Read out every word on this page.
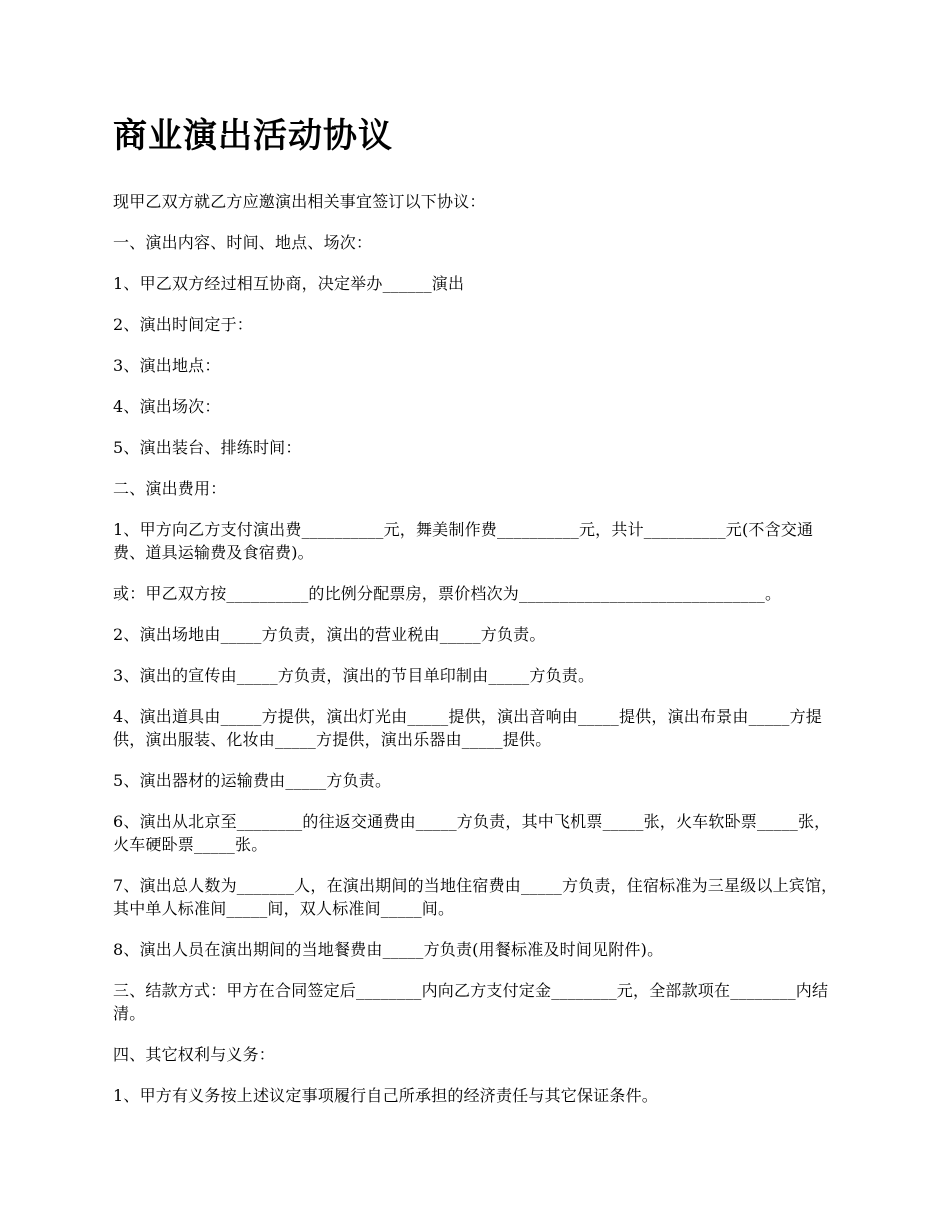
商业演出活动协议

现甲乙双方就乙方应邀演出相关事宜签订以下协议：

一、演出内容、时间、地点、场次：

1、甲乙双方经过相互协商，决定举办______演出

2、演出时间定于：

3、演出地点：

4、演出场次：

5、演出装台、排练时间：

二、演出费用：

1、甲方向乙方支付演出费__________元，舞美制作费__________元，共计__________元(不含交通费、道具运输费及食宿费)。

或：甲乙双方按__________的比例分配票房，票价档次为______________________________。

2、演出场地由_____方负责，演出的营业税由_____方负责。

3、演出的宣传由_____方负责，演出的节目单印制由_____方负责。

4、演出道具由_____方提供，演出灯光由_____提供，演出音响由_____提供，演出布景由_____方提供，演出服装、化妆由_____方提供，演出乐器由_____提供。

5、演出器材的运输费由_____方负责。

6、演出从北京至________的往返交通费由_____方负责，其中飞机票_____张，火车软卧票_____张，火车硬卧票_____张。

7、演出总人数为_______人，在演出期间的当地住宿费由_____方负责，住宿标准为三星级以上宾馆，其中单人标准间_____间，双人标准间_____间。

8、演出人员在演出期间的当地餐费由_____方负责(用餐标准及时间见附件)。

三、结款方式：甲方在合同签定后________内向乙方支付定金________元，全部款项在________内结清。

四、其它权利与义务：

1、甲方有义务按上述议定事项履行自己所承担的经济责任与其它保证条件。
